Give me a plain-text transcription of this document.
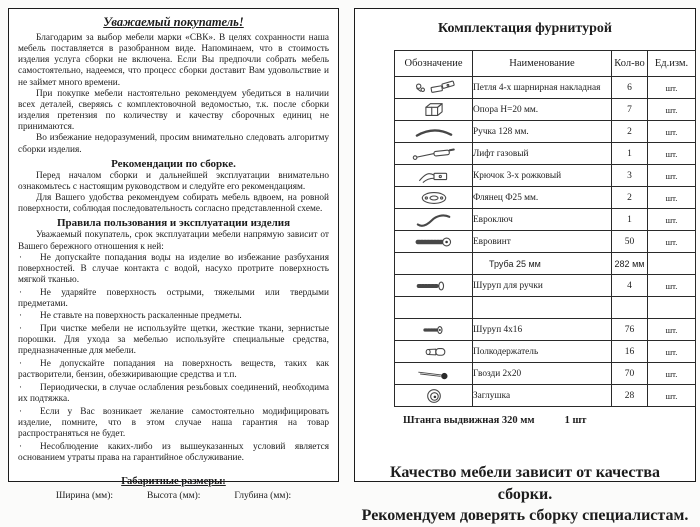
Уважаемый покупатель!

Благодарим за выбор мебели марки «СВК». В целях сохранности наша мебель поставляется в разобранном виде. Напоминаем, что в стоимость изделия услуга сборки не включена. Если Вы предпочли собрать мебель самостоятельно, надеемся, что процесс сборки доставит Вам удовольствие и не займет много времени.

При покупке мебели настоятельно рекомендуем убедиться в наличии всех деталей, сверяясь с комплектовочной ведомостью, т.к. после сборки изделия претензия по количеству и качеству сборочных единиц не принимаются.

Во избежание недоразумений, просим внимательно следовать алгоритму сборки изделия.

Рекомендации по сборке.

Перед началом сборки и дальнейшей эксплуатации внимательно ознакомьтесь с настоящим руководством и следуйте его рекомендациям.

Для Вашего удобства рекомендуем собирать мебель вдвоем, на ровной поверхности, соблюдая последовательность согласно представленной схеме.

Правила пользования и эксплуатации изделия

Уважаемый покупатель, срок эксплуатации мебели напрямую зависит от Вашего бережного отношения к ней:

· Не допускайте попадания воды на изделие во избежание разбухания поверхностей. В случае контакта с водой, насухо протрите поверхность мягкой тканью.

· Не ударяйте поверхность острыми, тяжелыми или твердыми предметами.

· Не ставьте на поверхность раскаленные предметы.

· При чистке мебели не используйте щетки, жесткие ткани, зернистые порошки. Для ухода за мебелью используйте специальные средства, предназначенные для мебели.

· Не допускайте попадания на поверхность веществ, таких как растворители, бензин, обезжиривающие средства и т.п.

· Периодически, в случае ослабления резьбовых соединений, необходима их подтяжка.

· Если у Вас возникает желание самостоятельно модифицировать изделие, помните, что в этом случае наша гарантия на товар распространяться не будет.

· Несоблюдение каких-либо из вышеуказанных условий является основанием утраты права на гарантийное обслуживание.

Габаритные размеры:
Ширина (мм):	Высота (мм):	Глубина (мм):
Комплектация фурнитурой
Обозначение	Наименование	Кол-во	Ед.изм.

	Петля 4-х шарнирная накладная	6	шт.

	Опора Н=20 мм.	7	шт.

	Ручка 128 мм.	2	шт.

	Лифт газовый	1	шт.

	Крючок 3-х рожковый	3	шт.

	Флянец Ф25 мм.	2	шт.

	Евроключ	1	шт.

	Евровинт	50	шт.
	Труба 25 мм	282 мм	

	Шуруп для ручки	4	шт.

	Шуруп 4х16	76	шт.

	Полкодержатель	16	шт.

	Гвозди 2х20	70	шт.

	Заглушка	28	шт.
Штанга выдвижная 320 мм	1 шт
Качество мебели зависит от качества сборки.
Рекомендуем доверять сборку специалистам.
